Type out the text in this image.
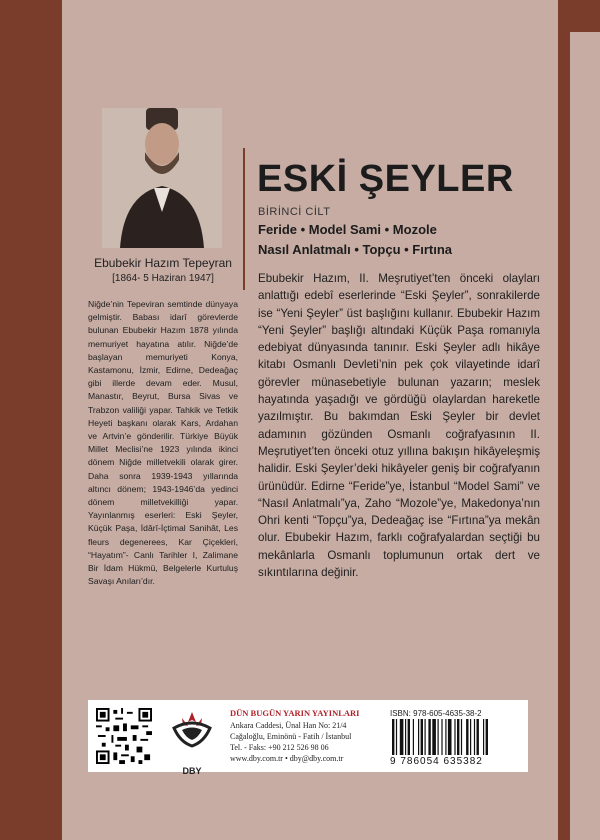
Ebubekir Hazım Tepeyran
[1864- 5 Haziran 1947]
Niğde’nin Tepeviran semtinde dünyaya gelmiştir. Babası idarî görevlerde bulunan Ebubekir Hazım 1878 yılında memuriyet hayatına atılır. Niğde’de başlayan memuriyeti Konya, Kastamonu, İzmir, Edirne, Dedeağaç gibi illerde devam eder. Musul, Manastır, Beyrut, Bursa Sivas ve Trabzon valiliği yapar. Tahkik ve Tetkik Heyeti başkanı olarak Kars, Ardahan ve Artvin’e gönderilir. Türkiye Büyük Millet Meclisi’ne 1923 yılında ikinci dönem Niğde milletvekili olarak girer. Daha sonra 1939-1943 yıllarında altıncı dönem; 1943-1946’da yedinci dönem milletvekilliği yapar. Yayınlanmış eserleri: Eski Şeyler, Küçük Paşa, İdârî-İçtimal Sanihât, Les fleurs degenerees, Kar Çiçekleri, “Hayatım”- Canlı Tarihler I, Zalimane Bir İdam Hükmü, Belgelerle Kurtuluş Savaşı Anıları’dır.
ESKİ ŞEYLER
BİRİNCİ CİLT
Feride • Model Sami • Mozole
Nasıl Anlatmalı • Topçu • Fırtına
Ebubekir Hazım, II. Meşrutiyet’ten önceki olayları anlattığı edebî eserlerinde “Eski Şeyler”, sonrakilerde ise “Yeni Şeyler” üst başlığını kullanır. Ebubekir Hazım “Yeni Şeyler” başlığı altındaki Küçük Paşa romanıyla edebiyat dünyasında tanınır. Eski Şeyler adlı hikâye kitabı Osmanlı Devleti’nin pek çok vilayetinde idarî görevler münasebetiyle bulunan yazarın; meslek hayatında yaşadığı ve gördüğü olaylardan hareketle yazılmıştır. Bu bakımdan Eski Şeyler bir devlet adamının gözünden Osmanlı coğrafyasının II. Meşrutiyet’ten önceki otuz yıllına bakışın hikâyeleşmiş halidir. Eski Şeyler’deki hikâyeler geniş bir coğrafyanın ürünüdür. Edirne “Feride”ye, İstanbul “Model Sami” ve “Nasıl Anlatmalı”ya, Zaho “Mozole”ye, Makedonya’nın Ohri kenti “Topçu”ya, Dedeağaç ise “Fırtına”ya mekân olur. Ebubekir Hazım, farklı coğrafyalardan seçtiği bu mekânlarla Osmanlı toplumunun ortak dert ve sıkıntılarına değinir.
DBY
DÜN BUGÜN YARIN YAYINLARI
Ankara Caddesi, Ünal Han No: 21/4
Cağaloğlu, Eminönü - Fatih / İstanbul
Tel. - Faks: +90 212 526 98 06
www.dby.com.tr • dby@dby.com.tr
ISBN: 978-605-4635-38-2
9 786054 635382
